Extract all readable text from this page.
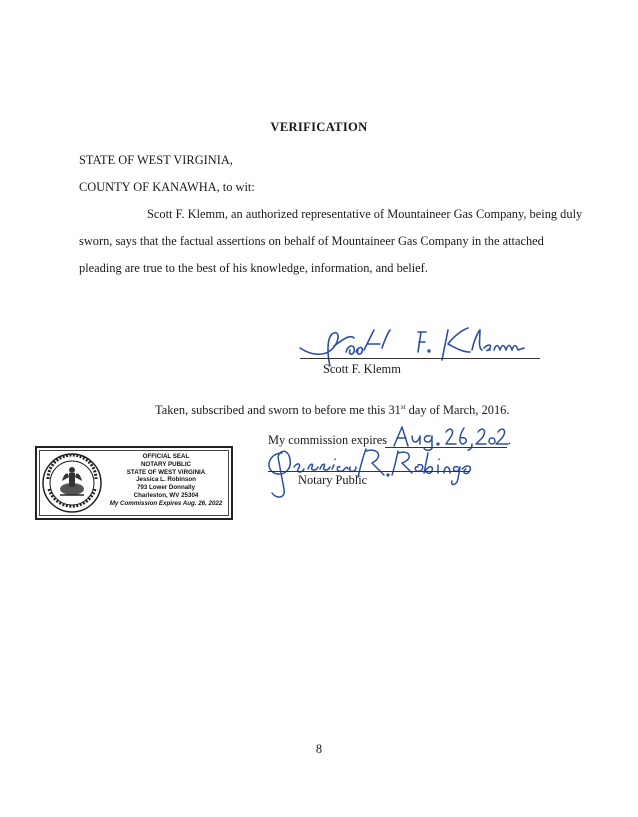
VERIFICATION
STATE OF WEST VIRGINIA,
COUNTY OF KANAWHA, to wit:
Scott F. Klemm, an authorized representative of Mountaineer Gas Company, being duly
sworn, says that the factual assertions on behalf of Mountaineer Gas Company in the attached
pleading are true to the best of his knowledge, information, and belief.
Scott F. Klemm
Taken, subscribed and sworn to before me this 31st day of March, 2016.
My commission expires	.
Notary Public
OFFICIAL SEAL
NOTARY PUBLIC
STATE OF WEST VIRGINIA
Jessica L. Robinson
793 Lower Donnally
Charleston, WV 25304
My Commission Expires Aug. 26, 2022
8
